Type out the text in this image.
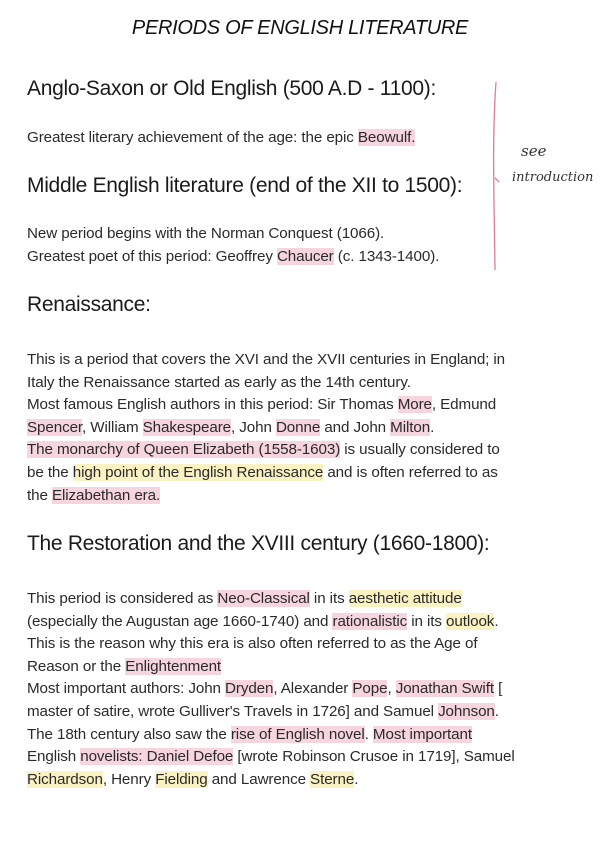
PERIODS OF ENGLISH LITERATURE
Anglo-Saxon or Old English (500 A.D - 1100):
Greatest literary achievement of the age: the epic Beowulf.
Middle English literature (end of the XII to 1500):
New period begins with the Norman Conquest (1066).
Greatest poet of this period: Geoffrey Chaucer (c. 1343-1400).
Renaissance:
This is a period that covers the XVI and the XVII centuries in England; in
Italy the Renaissance started as early as the 14th century.
Most famous English authors in this period: Sir Thomas More, Edmund
Spencer, William Shakespeare, John Donne and John Milton.
The monarchy of Queen Elizabeth (1558-1603) is usually considered to
be the high point of the English Renaissance and is often referred to as
the Elizabethan era.
The Restoration and the XVIII century (1660-1800):
This period is considered as Neo-Classical in its aesthetic attitude
(especially the Augustan age 1660-1740) and rationalistic in its outlook.
This is the reason why this era is also often referred to as the Age of
Reason or the Enlightenment
Most important authors: John Dryden, Alexander Pope, Jonathan Swift [
master of satire, wrote Gulliver's Travels in 1726] and Samuel Johnson.
The 18th century also saw the rise of English novel. Most important
English novelists: Daniel Defoe [wrote Robinson Crusoe in 1719], Samuel
Richardson, Henry Fielding and Lawrence Sterne.
see
introduction
